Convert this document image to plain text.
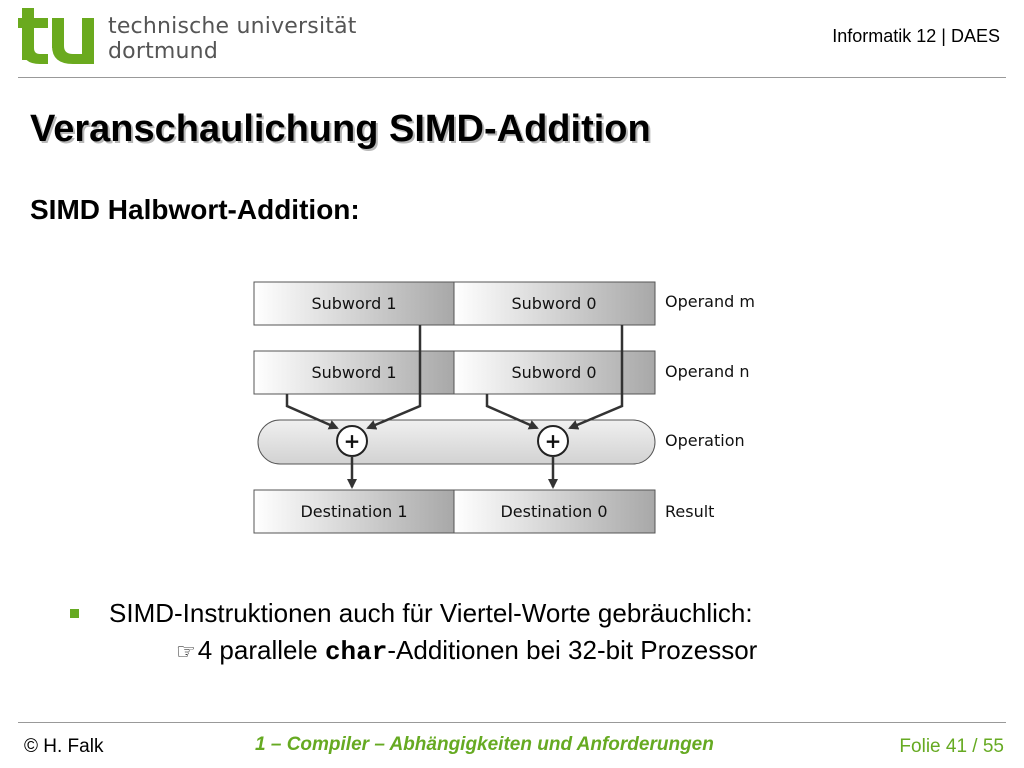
technische universität
dortmund
Informatik 12 | DAES
Veranschaulichung SIMD-Addition
SIMD Halbwort-Addition:
Subword 1	Subword 0	Operand m
Subword 1	Subword 0	Operand n
Operation
+	+
Destination 1	Destination 0	Result
SIMD-Instruktionen auch für Viertel-Worte gebräuchlich:
☞ 4 parallele char -Additionen bei 32-bit Prozessor
© H. Falk	1 – Compiler – Abhängigkeiten und Anforderungen	Folie 41 / 55
